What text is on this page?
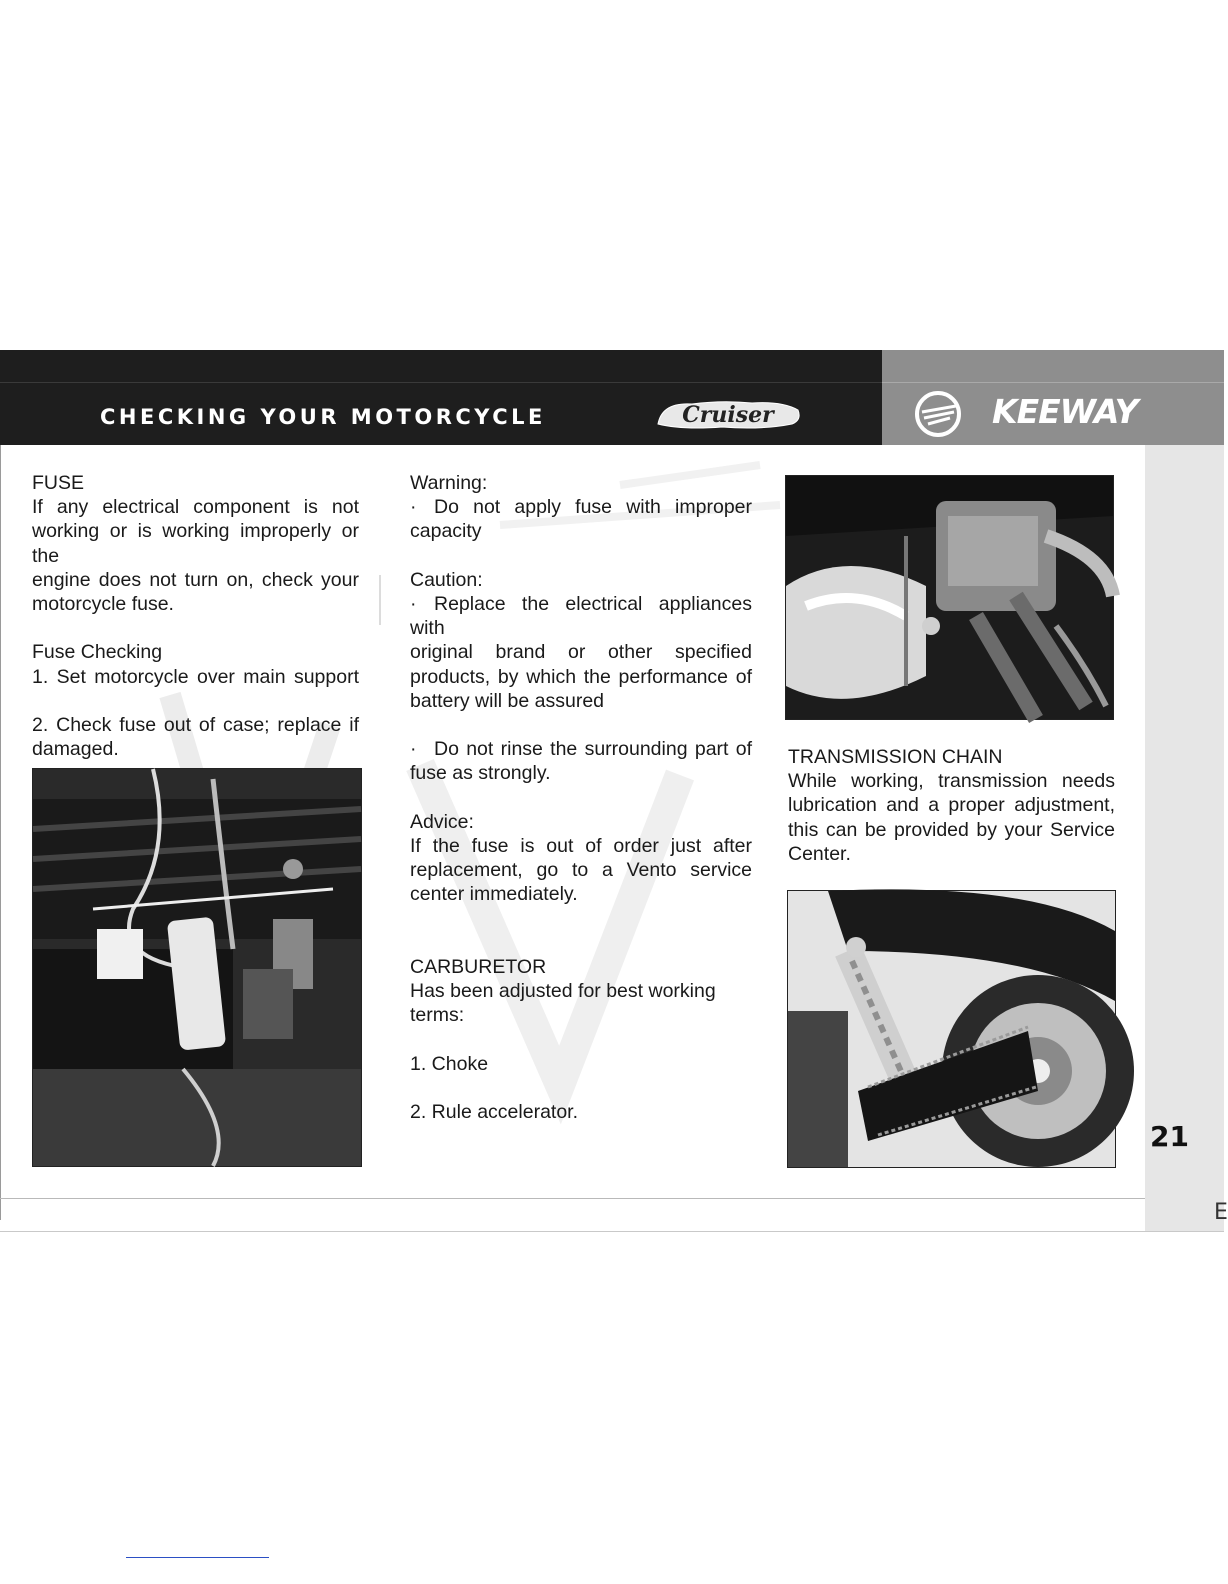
CHECKING YOUR MOTORCYCLE	Cruiser	KEEWAY
21
E
FUSE
If any electrical component is not
working or is working improperly or the
engine does not turn on, check your
motorcycle fuse.
Fuse Checking
1. Set motorcycle over main support
2. Check fuse out of case; replace if
damaged.
Warning:
· Do not apply fuse with improper
capacity
Caution:
· Replace the electrical appliances with
original brand or other specified
products, by which the performance of
battery will be assured
· Do not rinse the surrounding part of
fuse as strongly.
Advice:
If the fuse is out of order just after
replacement, go to a Vento service
center immediately.
CARBURETOR
Has been adjusted for best working
terms:
1. Choke
2. Rule accelerator.
TRANSMISSION CHAIN
While working, transmission needs
lubrication and a proper adjustment,
this can be provided by your Service
Center.
